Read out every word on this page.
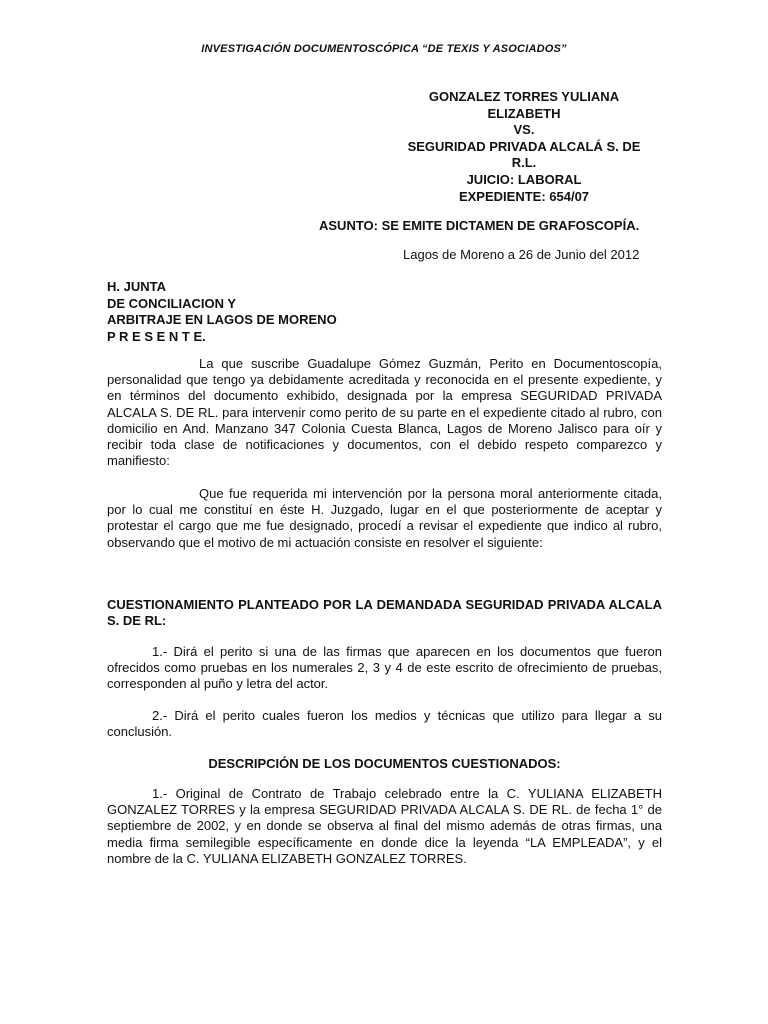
INVESTIGACIÓN DOCUMENTOSCÓPICA “DE TEXIS Y ASOCIADOS”
GONZALEZ TORRES YULIANA
ELIZABETH
VS.
SEGURIDAD PRIVADA ALCALÁ S. DE
R.L.
JUICIO: LABORAL
EXPEDIENTE: 654/07
ASUNTO: SE EMITE DICTAMEN DE GRAFOSCOPÍA.
Lagos de Moreno a 26 de Junio del 2012
H. JUNTA
DE CONCILIACION Y
ARBITRAJE EN LAGOS DE MORENO
P R E S E N T E.

La que suscribe Guadalupe Gómez Guzmán, Perito en Documentoscopía, personalidad que tengo ya debidamente acreditada y reconocida en el presente expediente, y en términos del documento exhibido, designada por la empresa SEGURIDAD PRIVADA ALCALA S. DE RL. para intervenir como perito de su parte en el expediente citado al rubro, con domicilio en And. Manzano 347 Colonia Cuesta Blanca, Lagos de Moreno Jalisco para oír y recibir toda clase de notificaciones y documentos, con el debido respeto comparezco y manifiesto:

Que fue requerida mi intervención por la persona moral anteriormente citada, por lo cual me constituí en éste H. Juzgado, lugar en el que posteriormente de aceptar y protestar el cargo que me fue designado, procedí a revisar el expediente que indico al rubro, observando que el motivo de mi actuación consiste en resolver el siguiente:

CUESTIONAMIENTO PLANTEADO POR LA DEMANDADA SEGURIDAD PRIVADA ALCALA S. DE RL:

1.- Dirá el perito si una de las firmas que aparecen en los documentos que fueron ofrecidos como pruebas en los numerales 2, 3 y 4 de este escrito de ofrecimiento de pruebas, corresponden al puño y letra del actor.

2.- Dirá el perito cuales fueron los medios y técnicas que utilizo para llegar a su conclusión.

DESCRIPCIÓN DE LOS DOCUMENTOS CUESTIONADOS:

1.- Original de Contrato de Trabajo celebrado entre la C. YULIANA ELIZABETH GONZALEZ TORRES y la empresa SEGURIDAD PRIVADA ALCALA S. DE RL. de fecha 1° de septiembre de 2002, y en donde se observa al final del mismo además de otras firmas, una media firma semilegible específicamente en donde dice la leyenda “LA EMPLEADA”, y el nombre de la C. YULIANA ELIZABETH GONZALEZ TORRES.
